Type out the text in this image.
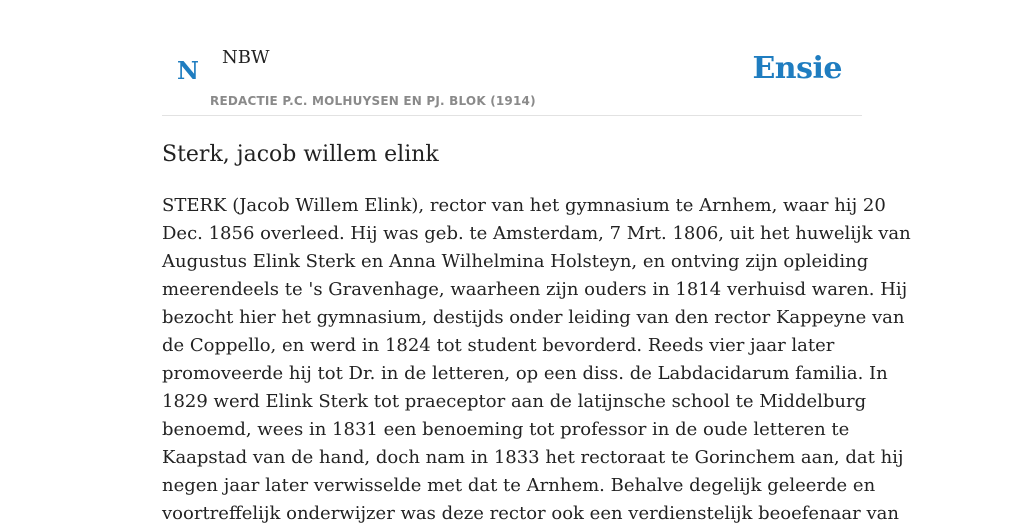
N NBW
REDACTIE P.C. MOLHUYSEN EN PJ. BLOK (1914)
Ensie
Sterk, jacob willem elink

STERK (Jacob Willem Elink), rector van het gymnasium te Arnhem, waar hij 20
Dec. 1856 overleed. Hij was geb. te Amsterdam, 7 Mrt. 1806, uit het huwelijk van
Augustus Elink Sterk en Anna Wilhelmina Holsteyn, en ontving zijn opleiding
meerendeels te 's Gravenhage, waarheen zijn ouders in 1814 verhuisd waren. Hij
bezocht hier het gymnasium, destijds onder leiding van den rector Kappeyne van
de Coppello, en werd in 1824 tot student bevorderd. Reeds vier jaar later
promoveerde hij tot Dr. in de letteren, op een diss. de Labdacidarum familia. In
1829 werd Elink Sterk tot praeceptor aan de latijnsche school te Middelburg
benoemd, wees in 1831 een benoeming tot professor in de oude letteren te
Kaapstad van de hand, doch nam in 1833 het rectoraat te Gorinchem aan, dat hij
negen jaar later verwisselde met dat te Arnhem. Behalve degelijk geleerde en
voortreffelijk onderwijzer was deze rector ook een verdienstelijk beoefenaar van
